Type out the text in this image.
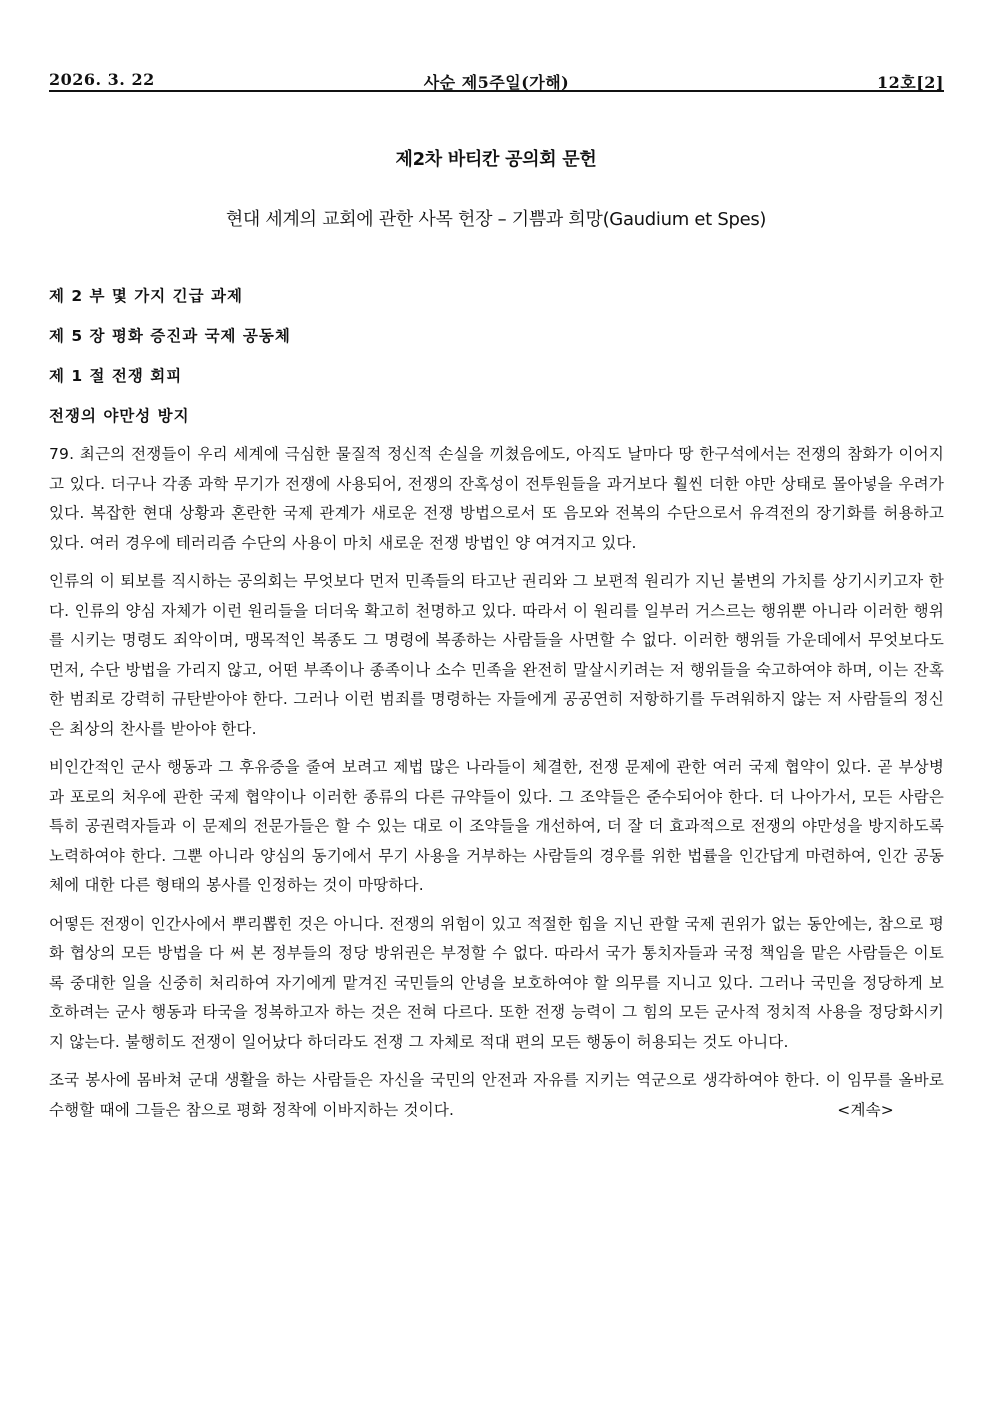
사순 제5주일(가해)
2026. 3. 22	12호[2]
제2차 바티칸 공의회 문헌
현대 세계의 교회에 관한 사목 헌장 – 기쁨과 희망(Gaudium et Spes)
제 2 부 몇 가지 긴급 과제
제 5 장 평화 증진과 국제 공동체
제 1 절 전쟁 회피
전쟁의 야만성 방지

79. 최근의 전쟁들이 우리 세계에 극심한 물질적 정신적 손실을 끼쳤음에도, 아직도 날마다 땅 한구석에서는 전쟁의 참화가 이어지고 있다. 더구나 각종 과학 무기가 전쟁에 사용되어, 전쟁의 잔혹성이 전투원들을 과거보다 훨씬 더한 야만 상태로 몰아넣을 우려가 있다. 복잡한 현대 상황과 혼란한 국제 관계가 새로운 전쟁 방법으로서 또 음모와 전복의 수단으로서 유격전의 장기화를 허용하고 있다. 여러 경우에 테러리즘 수단의 사용이 마치 새로운 전쟁 방법인 양 여겨지고 있다.

인류의 이 퇴보를 직시하는 공의회는 무엇보다 먼저 민족들의 타고난 권리와 그 보편적 원리가 지닌 불변의 가치를 상기시키고자 한다. 인류의 양심 자체가 이런 원리들을 더더욱 확고히 천명하고 있다. 따라서 이 원리를 일부러 거스르는 행위뿐 아니라 이러한 행위를 시키는 명령도 죄악이며, 맹목적인 복종도 그 명령에 복종하는 사람들을 사면할 수 없다. 이러한 행위들 가운데에서 무엇보다도 먼저, 수단 방법을 가리지 않고, 어떤 부족이나 종족이나 소수 민족을 완전히 말살시키려는 저 행위들을 숙고하여야 하며, 이는 잔혹한 범죄로 강력히 규탄받아야 한다. 그러나 이런 범죄를 명령하는 자들에게 공공연히 저항하기를 두려워하지 않는 저 사람들의 정신은 최상의 찬사를 받아야 한다.

비인간적인 군사 행동과 그 후유증을 줄여 보려고 제법 많은 나라들이 체결한, 전쟁 문제에 관한 여러 국제 협약이 있다. 곧 부상병과 포로의 처우에 관한 국제 협약이나 이러한 종류의 다른 규약들이 있다. 그 조약들은 준수되어야 한다. 더 나아가서, 모든 사람은 특히 공권력자들과 이 문제의 전문가들은 할 수 있는 대로 이 조약들을 개선하여, 더 잘 더 효과적으로 전쟁의 야만성을 방지하도록 노력하여야 한다. 그뿐 아니라 양심의 동기에서 무기 사용을 거부하는 사람들의 경우를 위한 법률을 인간답게 마련하여, 인간 공동체에 대한 다른 형태의 봉사를 인정하는 것이 마땅하다.

어떻든 전쟁이 인간사에서 뿌리뽑힌 것은 아니다. 전쟁의 위험이 있고 적절한 힘을 지닌 관할 국제 권위가 없는 동안에는, 참으로 평화 협상의 모든 방법을 다 써 본 정부들의 정당 방위권은 부정할 수 없다. 따라서 국가 통치자들과 국정 책임을 맡은 사람들은 이토록 중대한 일을 신중히 처리하여 자기에게 맡겨진 국민들의 안녕을 보호하여야 할 의무를 지니고 있다. 그러나 국민을 정당하게 보호하려는 군사 행동과 타국을 정복하고자 하는 것은 전혀 다르다. 또한 전쟁 능력이 그 힘의 모든 군사적 정치적 사용을 정당화시키지 않는다. 불행히도 전쟁이 일어났다 하더라도 전쟁 그 자체로 적대 편의 모든 행동이 허용되는 것도 아니다.

조국 봉사에 몸바쳐 군대 생활을 하는 사람들은 자신을 국민의 안전과 자유를 지키는 역군으로 생각하여야 한다. 이 임무를 올바로 수행할 때에 그들은 참으로 평화 정착에 이바지하는 것이다.	<계속>
